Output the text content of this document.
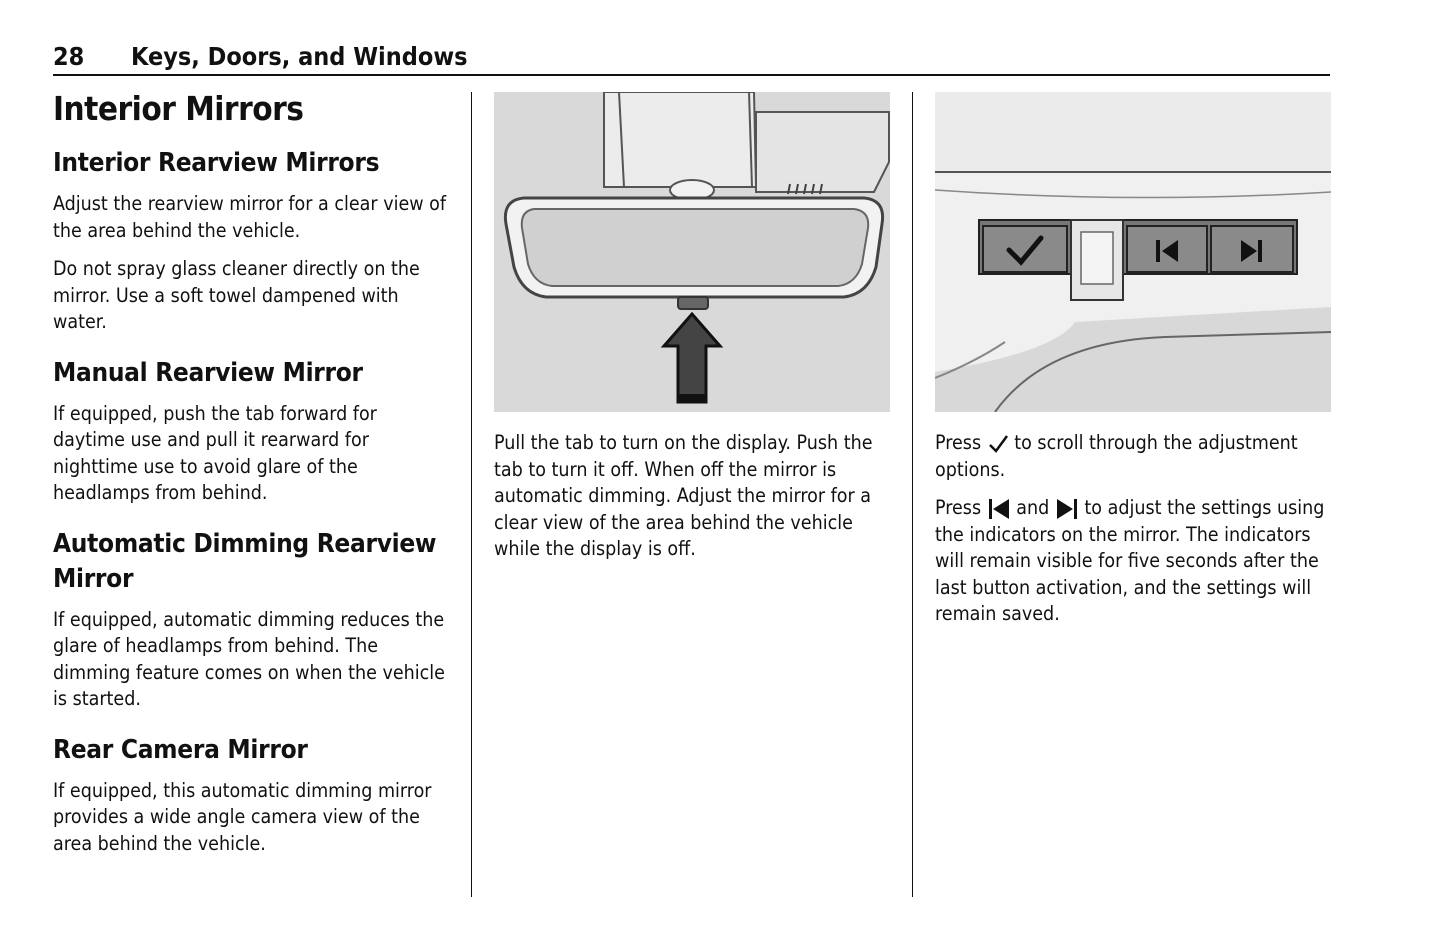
28 Keys, Doors, and Windows
Interior Mirrors
Interior Rearview Mirrors

Adjust the rearview mirror for a clear view of the area behind the vehicle.

Do not spray glass cleaner directly on the mirror. Use a soft towel dampened with water.

Manual Rearview Mirror

If equipped, push the tab forward for daytime use and pull it rearward for nighttime use to avoid glare of the headlamps from behind.

Automatic Dimming Rearview Mirror

If equipped, automatic dimming reduces the glare of headlamps from behind. The dimming feature comes on when the vehicle is started.

Rear Camera Mirror

If equipped, this automatic dimming mirror provides a wide angle camera view of the area behind the vehicle.

Pull the tab to turn on the display. Push the tab to turn it off. When off the mirror is automatic dimming. Adjust the mirror for a clear view of the area behind the vehicle while the display is off.

Press to scroll through the adjustment options.

Press and to adjust the settings using the indicators on the mirror. The indicators will remain visible for five seconds after the last button activation, and the settings will remain saved.
